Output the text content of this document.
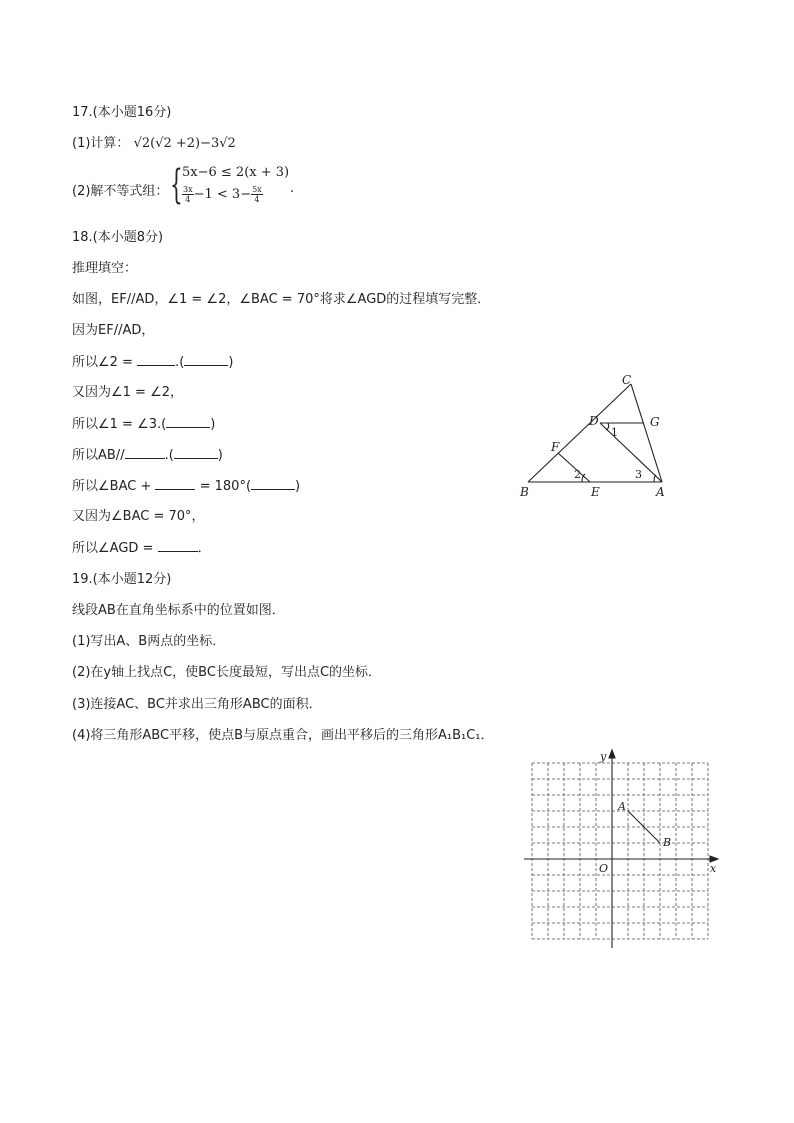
17.(本小题16分)
(1)计算： √2(√2 +2)−3√2
(2)解不等式组： { 5x−6 ≤ 2(x + 3)
$\frac{3x}{4} -1 < 3- \frac{5x}{4}$ .
18.(本小题8分)
推理填空：
如图，EF//AD，∠1 = ∠2，∠BAC = 70°将求∠AGD的过程填写完整．
因为EF//AD，
所以∠2 =	.(	)
又因为∠1 = ∠2，
所以∠1 = ∠3.(	)
所以AB//	.(	)
所以∠BAC +	= 180°(	)
又因为∠BAC = 70°，
所以∠AGD =	．
C
D	G
F
B	E	A
1
2	3
19.(本小题12分)
线段AB在直角坐标系中的位置如图．
(1)写出A、B两点的坐标．
(2)在y轴上找点C，使BC长度最短，写出点C的坐标．
(3)连接AC、BC并求出三角形ABC的面积．
(4)将三角形ABC平移，使点B与原点重合，画出平移后的三角形A₁B₁C₁．
y
x
O
A
B
